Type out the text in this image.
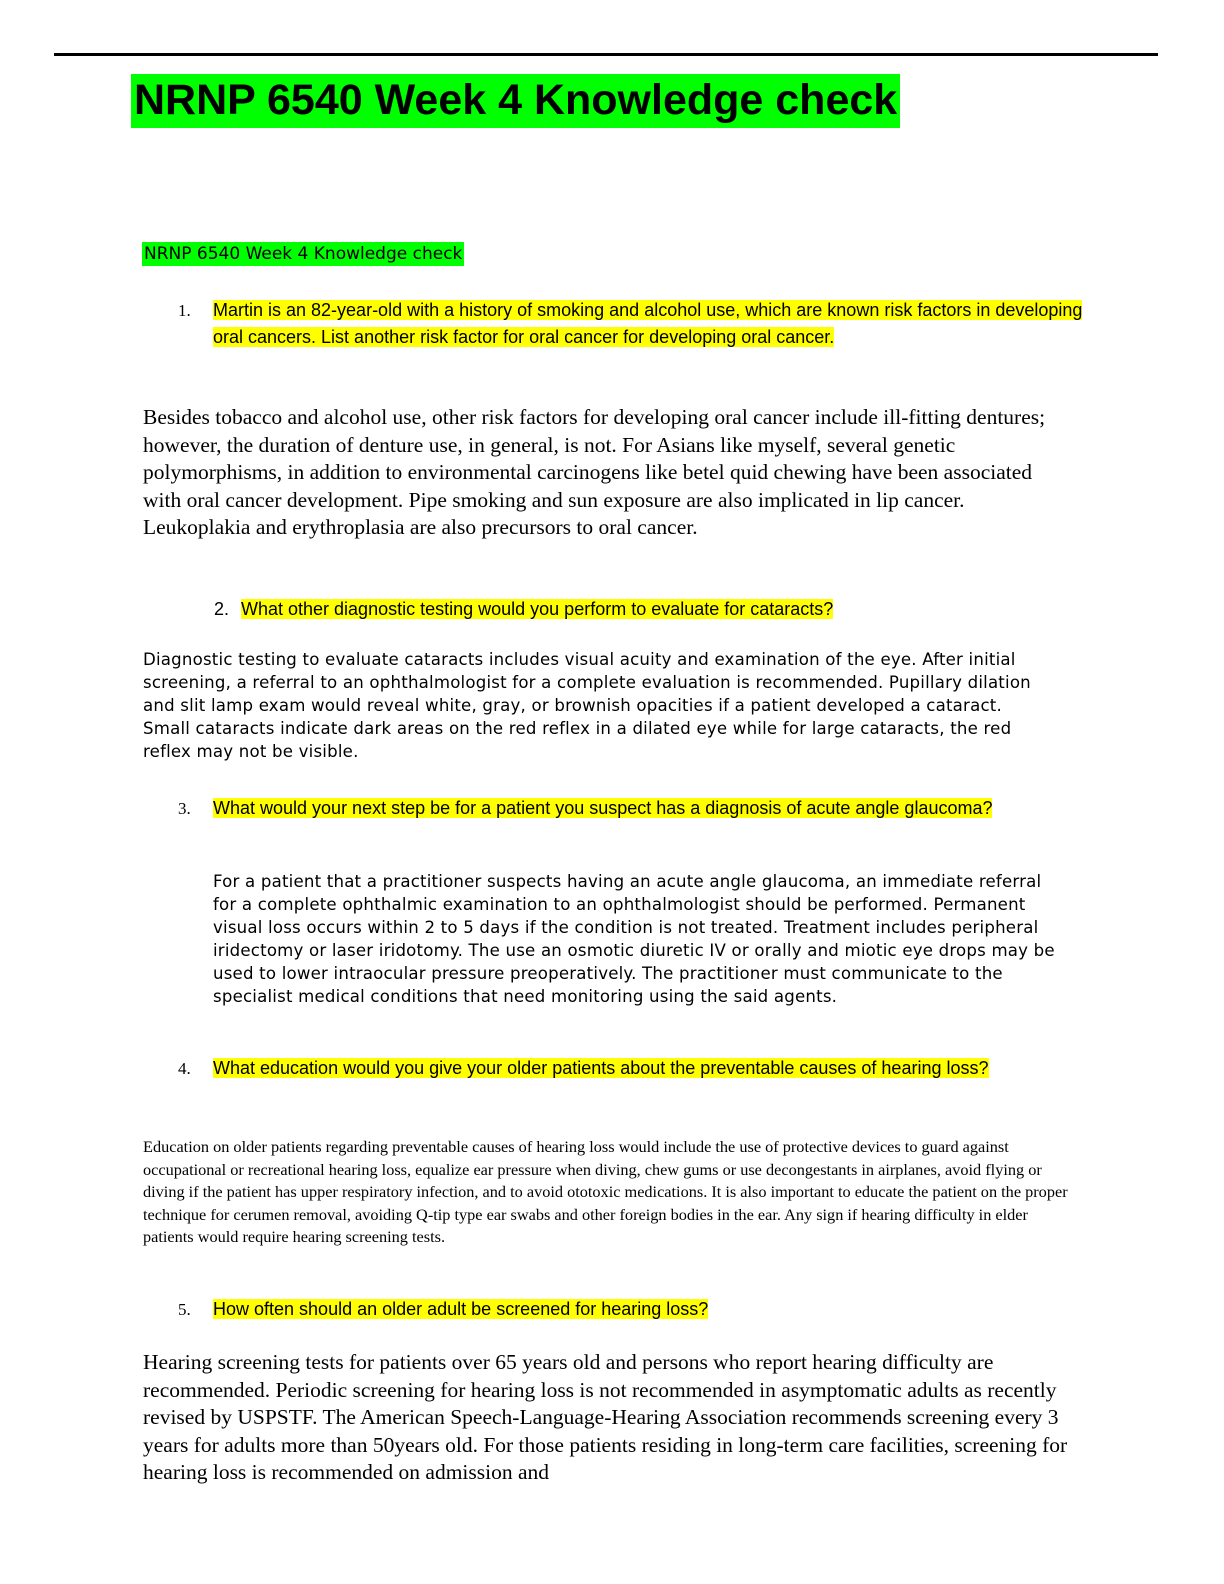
NRNP 6540 Week 4 Knowledge check

NRNP 6540 Week 4 Knowledge check

1. Martin is an 82-year-old with a history of smoking and alcohol use, which are known risk factors in developing oral cancers. List another risk factor for oral cancer for developing oral cancer.

Besides tobacco and alcohol use, other risk factors for developing oral cancer include ill-fitting dentures; however, the duration of denture use, in general, is not. For Asians like myself, several genetic polymorphisms, in addition to environmental carcinogens like betel quid chewing have been associated with oral cancer development. Pipe smoking and sun exposure are also implicated in lip cancer. Leukoplakia and erythroplasia are also precursors to oral cancer.

2. What other diagnostic testing would you perform to evaluate for cataracts?

Diagnostic testing to evaluate cataracts includes visual acuity and examination of the eye. After initial screening, a referral to an ophthalmologist for a complete evaluation is recommended. Pupillary dilation and slit lamp exam would reveal white, gray, or brownish opacities if a patient developed a cataract. Small cataracts indicate dark areas on the red reflex in a dilated eye while for large cataracts, the red reflex may not be visible.

3. What would your next step be for a patient you suspect has a diagnosis of acute angle glaucoma?

For a patient that a practitioner suspects having an acute angle glaucoma, an immediate referral for a complete ophthalmic examination to an ophthalmologist should be performed. Permanent visual loss occurs within 2 to 5 days if the condition is not treated. Treatment includes peripheral iridectomy or laser iridotomy. The use an osmotic diuretic IV or orally and miotic eye drops may be used to lower intraocular pressure preoperatively. The practitioner must communicate to the specialist medical conditions that need monitoring using the said agents.

4. What education would you give your older patients about the preventable causes of hearing loss?

Education on older patients regarding preventable causes of hearing loss would include the use of protective devices to guard against occupational or recreational hearing loss, equalize ear pressure when diving, chew gums or use decongestants in airplanes, avoid flying or diving if the patient has upper respiratory infection, and to avoid ototoxic medications. It is also important to educate the patient on the proper technique for cerumen removal, avoiding Q-tip type ear swabs and other foreign bodies in the ear. Any sign if hearing difficulty in elder patients would require hearing screening tests.

5. How often should an older adult be screened for hearing loss?

Hearing screening tests for patients over 65 years old and persons who report hearing difficulty are recommended. Periodic screening for hearing loss is not recommended in asymptomatic adults as recently revised by USPSTF. The American Speech-Language-Hearing Association recommends screening every 3 years for adults more than 50years old. For those patients residing in long-term care facilities, screening for hearing loss is recommended on admission and
